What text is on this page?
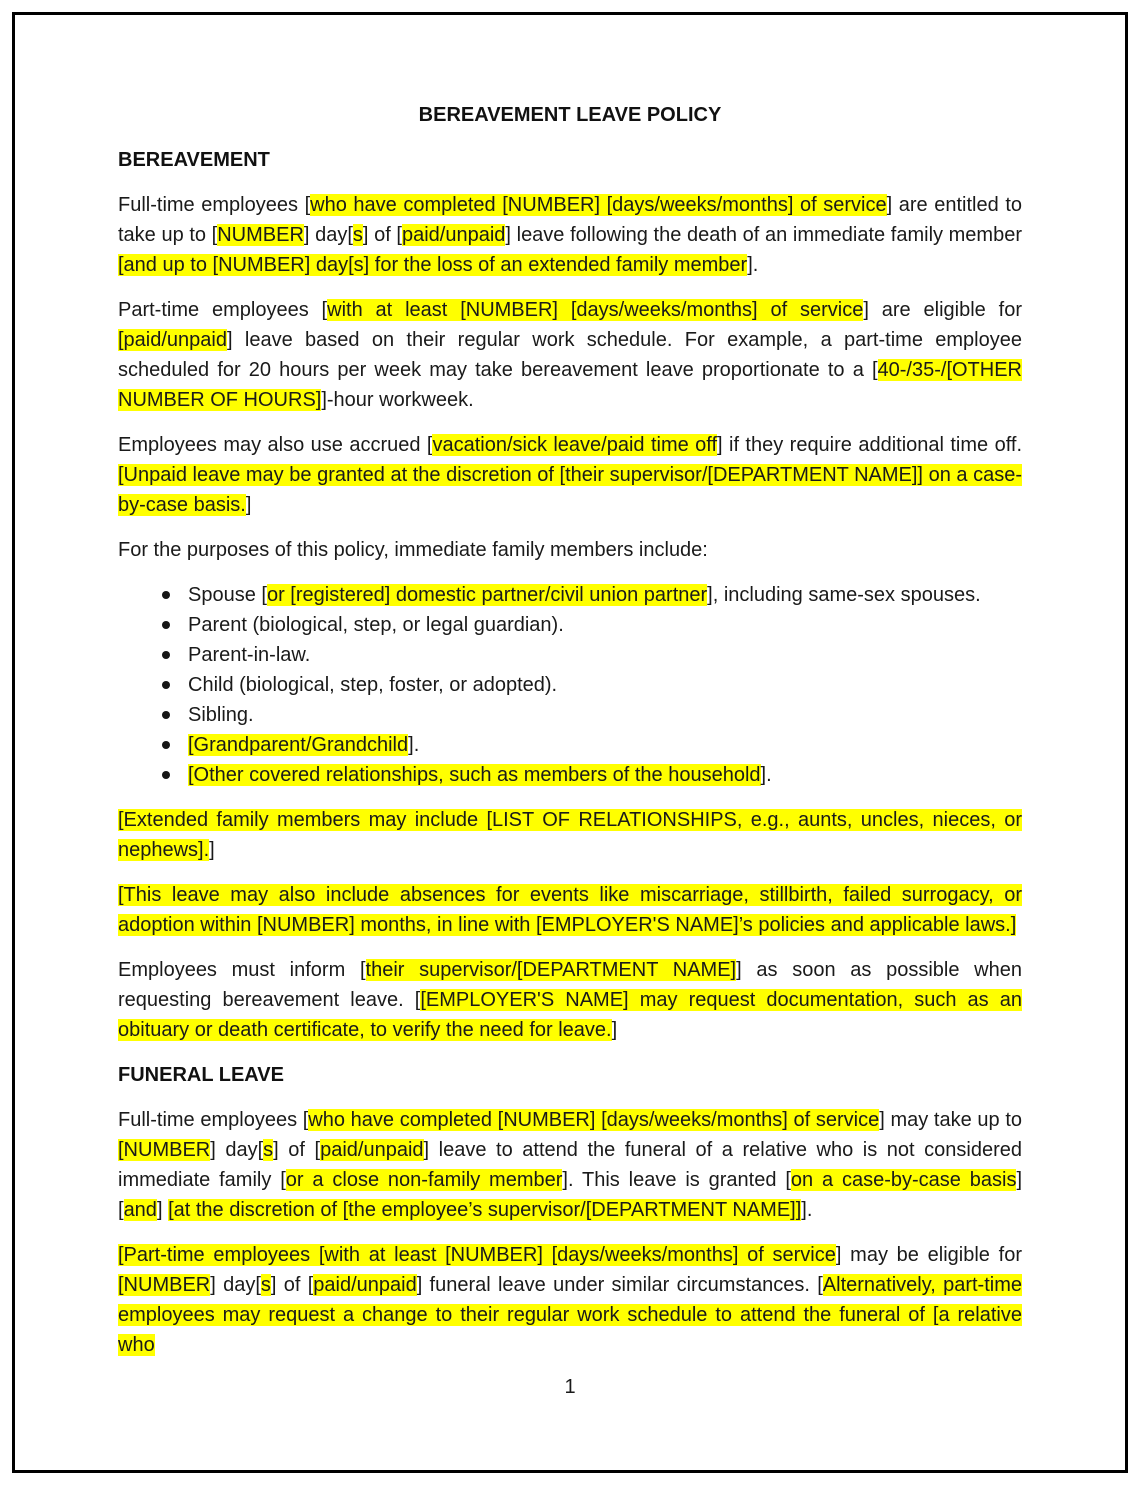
BEREAVEMENT LEAVE POLICY

BEREAVEMENT

Full-time employees [who have completed [NUMBER] [days/weeks/months] of service] are entitled to take up to [NUMBER] day[s] of [paid/unpaid] leave following the death of an immediate family member [and up to [NUMBER] day[s] for the loss of an extended family member].

Part-time employees [with at least [NUMBER] [days/weeks/months] of service] are eligible for [paid/unpaid] leave based on their regular work schedule. For example, a part-time employee scheduled for 20 hours per week may take bereavement leave proportionate to a [40-/35-/[OTHER NUMBER OF HOURS]]-hour workweek.

Employees may also use accrued [vacation/sick leave/paid time off] if they require additional time off. [Unpaid leave may be granted at the discretion of [their supervisor/[DEPARTMENT NAME]] on a case-by-case basis.]

For the purposes of this policy, immediate family members include:

Spouse [or [registered] domestic partner/civil union partner], including same-sex spouses.
Parent (biological, step, or legal guardian).
Parent-in-law.
Child (biological, step, foster, or adopted).
Sibling.
[Grandparent/Grandchild].
[Other covered relationships, such as members of the household].

[Extended family members may include [LIST OF RELATIONSHIPS, e.g., aunts, uncles, nieces, or nephews].]

[This leave may also include absences for events like miscarriage, stillbirth, failed surrogacy, or adoption within [NUMBER] months, in line with [EMPLOYER'S NAME]’s policies and applicable laws.]

Employees must inform [their supervisor/[DEPARTMENT NAME]] as soon as possible when requesting bereavement leave. [[EMPLOYER'S NAME] may request documentation, such as an obituary or death certificate, to verify the need for leave.]

FUNERAL LEAVE

Full-time employees [who have completed [NUMBER] [days/weeks/months] of service] may take up to [NUMBER] day[s] of [paid/unpaid] leave to attend the funeral of a relative who is not considered immediate family [or a close non-family member]. This leave is granted [on a case-by-case basis] [and] [at the discretion of [the employee’s supervisor/[DEPARTMENT NAME]]].

[Part-time employees [with at least [NUMBER] [days/weeks/months] of service] may be eligible for [NUMBER] day[s] of [paid/unpaid] funeral leave under similar circumstances. [Alternatively, part-time employees may request a change to their regular work schedule to attend the funeral of [a relative who

1
